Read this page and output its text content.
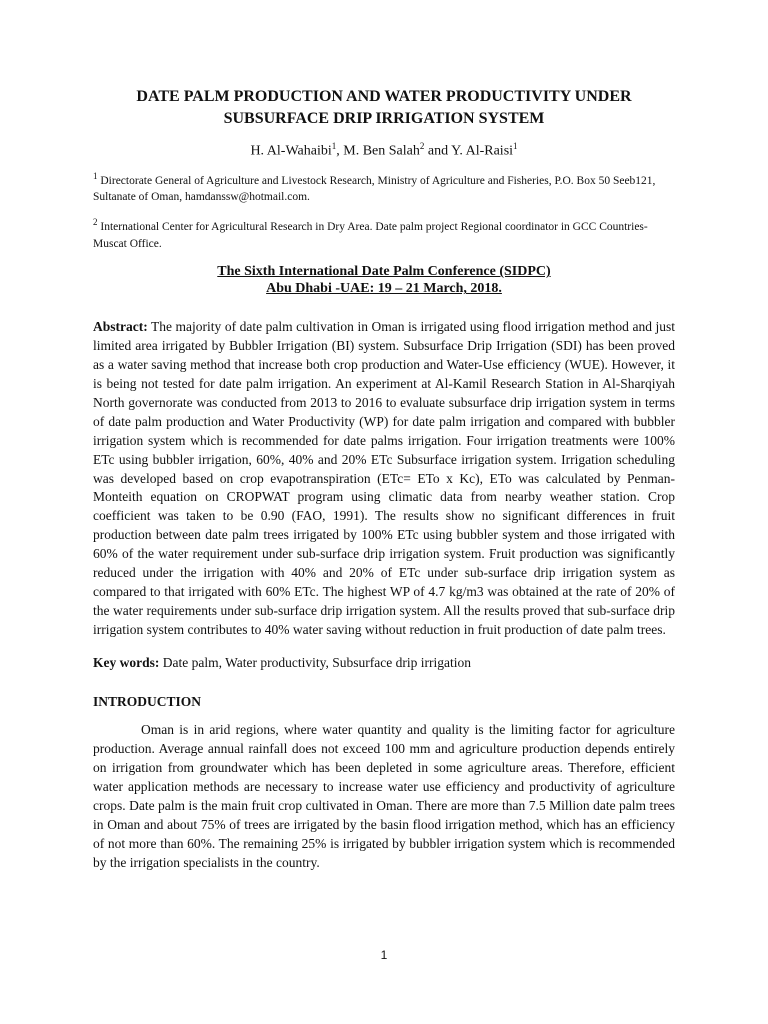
DATE PALM PRODUCTION AND WATER PRODUCTIVITY UNDER
SUBSURFACE DRIP IRRIGATION SYSTEM
H. Al-Wahaibi$^1$, M. Ben Salah$^2$ and Y. Al-Raisi$^1$
$^1$ Directorate General of Agriculture and Livestock Research, Ministry of Agriculture and Fisheries, P.O. Box 50 Seeb121, Sultanate of Oman, hamdanssw@hotmail.com.
$^2$ International Center for Agricultural Research in Dry Area. Date palm project Regional coordinator in GCC Countries-Muscat Office.
The Sixth International Date Palm Conference (SIDPC)
Abu Dhabi -UAE: 19 – 21 March, 2018.

Abstract: The majority of date palm cultivation in Oman is irrigated using flood irrigation method and just limited area irrigated by Bubbler Irrigation (BI) system. Subsurface Drip Irrigation (SDI) has been proved as a water saving method that increase both crop production and Water-Use efficiency (WUE). However, it is being not tested for date palm irrigation. An experiment at Al-Kamil Research Station in Al-Sharqiyah North governorate was conducted from 2013 to 2016 to evaluate subsurface drip irrigation system in terms of date palm production and Water Productivity (WP) for date palm irrigation and compared with bubbler irrigation system which is recommended for date palms irrigation. Four irrigation treatments were 100% ETc using bubbler irrigation, 60%, 40% and 20% ETc Subsurface irrigation system. Irrigation scheduling was developed based on crop evapotranspiration (ETc= ETo x Kc), ETo was calculated by Penman-Monteith equation on CROPWAT program using climatic data from nearby weather station. Crop coefficient was taken to be 0.90 (FAO, 1991). The results show no significant differences in fruit production between date palm trees irrigated by 100% ETc using bubbler system and those irrigated with 60% of the water requirement under sub-surface drip irrigation system. Fruit production was significantly reduced under the irrigation with 40% and 20% of ETc under sub-surface drip irrigation system as compared to that irrigated with 60% ETc. The highest WP of 4.7 kg/m3 was obtained at the rate of 20% of the water requirements under sub-surface drip irrigation system. All the results proved that sub-surface drip irrigation system contributes to 40% water saving without reduction in fruit production of date palm trees.

Key words: Date palm, Water productivity, Subsurface drip irrigation

INTRODUCTION

Oman is in arid regions, where water quantity and quality is the limiting factor for agriculture production. Average annual rainfall does not exceed 100 mm and agriculture production depends entirely on irrigation from groundwater which has been depleted in some agriculture areas. Therefore, efficient water application methods are necessary to increase water use efficiency and productivity of agriculture crops. Date palm is the main fruit crop cultivated in Oman. There are more than 7.5 Million date palm trees in Oman and about 75% of trees are irrigated by the basin flood irrigation method, which has an efficiency of not more than 60%. The remaining 25% is irrigated by bubbler irrigation system which is recommended by the irrigation specialists in the country.

1
